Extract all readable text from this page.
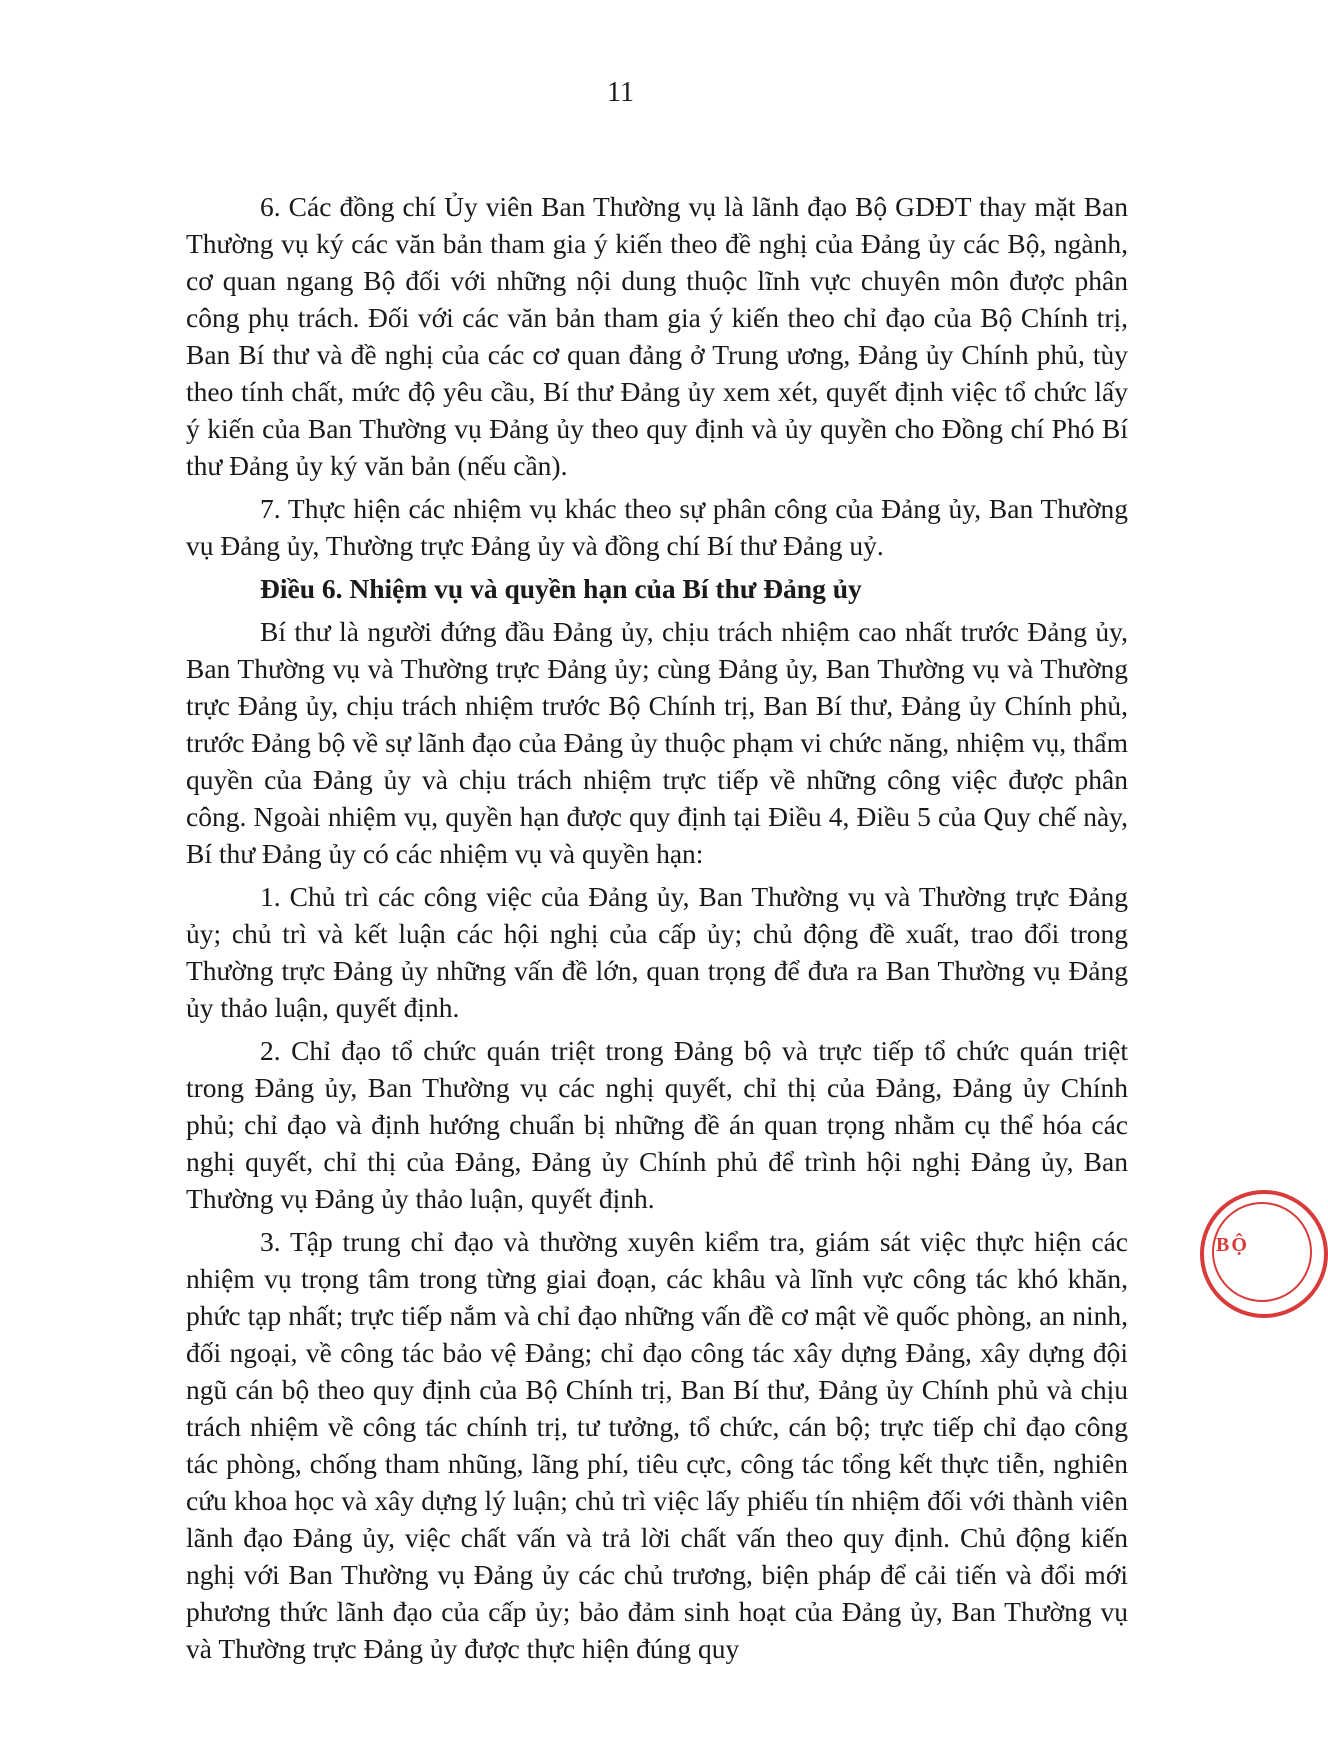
11

6. Các đồng chí Ủy viên Ban Thường vụ là lãnh đạo Bộ GDĐT thay mặt Ban Thường vụ ký các văn bản tham gia ý kiến theo đề nghị của Đảng ủy các Bộ, ngành, cơ quan ngang Bộ đối với những nội dung thuộc lĩnh vực chuyên môn được phân công phụ trách. Đối với các văn bản tham gia ý kiến theo chỉ đạo của Bộ Chính trị, Ban Bí thư và đề nghị của các cơ quan đảng ở Trung ương, Đảng ủy Chính phủ, tùy theo tính chất, mức độ yêu cầu, Bí thư Đảng ủy xem xét, quyết định việc tổ chức lấy ý kiến của Ban Thường vụ Đảng ủy theo quy định và ủy quyền cho Đồng chí Phó Bí thư Đảng ủy ký văn bản (nếu cần).

7. Thực hiện các nhiệm vụ khác theo sự phân công của Đảng ủy, Ban Thường vụ Đảng ủy, Thường trực Đảng ủy và đồng chí Bí thư Đảng uỷ.

Điều 6. Nhiệm vụ và quyền hạn của Bí thư Đảng ủy

Bí thư là người đứng đầu Đảng ủy, chịu trách nhiệm cao nhất trước Đảng ủy, Ban Thường vụ và Thường trực Đảng ủy; cùng Đảng ủy, Ban Thường vụ và Thường trực Đảng ủy, chịu trách nhiệm trước Bộ Chính trị, Ban Bí thư, Đảng ủy Chính phủ, trước Đảng bộ về sự lãnh đạo của Đảng ủy thuộc phạm vi chức năng, nhiệm vụ, thẩm quyền của Đảng ủy và chịu trách nhiệm trực tiếp về những công việc được phân công. Ngoài nhiệm vụ, quyền hạn được quy định tại Điều 4, Điều 5 của Quy chế này, Bí thư Đảng ủy có các nhiệm vụ và quyền hạn:

1. Chủ trì các công việc của Đảng ủy, Ban Thường vụ và Thường trực Đảng ủy; chủ trì và kết luận các hội nghị của cấp ủy; chủ động đề xuất, trao đổi trong Thường trực Đảng ủy những vấn đề lớn, quan trọng để đưa ra Ban Thường vụ Đảng ủy thảo luận, quyết định.

2. Chỉ đạo tổ chức quán triệt trong Đảng bộ và trực tiếp tổ chức quán triệt trong Đảng ủy, Ban Thường vụ các nghị quyết, chỉ thị của Đảng, Đảng ủy Chính phủ; chỉ đạo và định hướng chuẩn bị những đề án quan trọng nhằm cụ thể hóa các nghị quyết, chỉ thị của Đảng, Đảng ủy Chính phủ để trình hội nghị Đảng ủy, Ban Thường vụ Đảng ủy thảo luận, quyết định.

3. Tập trung chỉ đạo và thường xuyên kiểm tra, giám sát việc thực hiện các nhiệm vụ trọng tâm trong từng giai đoạn, các khâu và lĩnh vực công tác khó khăn, phức tạp nhất; trực tiếp nắm và chỉ đạo những vấn đề cơ mật về quốc phòng, an ninh, đối ngoại, về công tác bảo vệ Đảng; chỉ đạo công tác xây dựng Đảng, xây dựng đội ngũ cán bộ theo quy định của Bộ Chính trị, Ban Bí thư, Đảng ủy Chính phủ và chịu trách nhiệm về công tác chính trị, tư tưởng, tổ chức, cán bộ; trực tiếp chỉ đạo công tác phòng, chống tham nhũng, lãng phí, tiêu cực, công tác tổng kết thực tiễn, nghiên cứu khoa học và xây dựng lý luận; chủ trì việc lấy phiếu tín nhiệm đối với thành viên lãnh đạo Đảng ủy, việc chất vấn và trả lời chất vấn theo quy định. Chủ động kiến nghị với Ban Thường vụ Đảng ủy các chủ trương, biện pháp để cải tiến và đổi mới phương thức lãnh đạo của cấp ủy; bảo đảm sinh hoạt của Đảng ủy, Ban Thường vụ và Thường trực Đảng ủy được thực hiện đúng quy

BỘ
